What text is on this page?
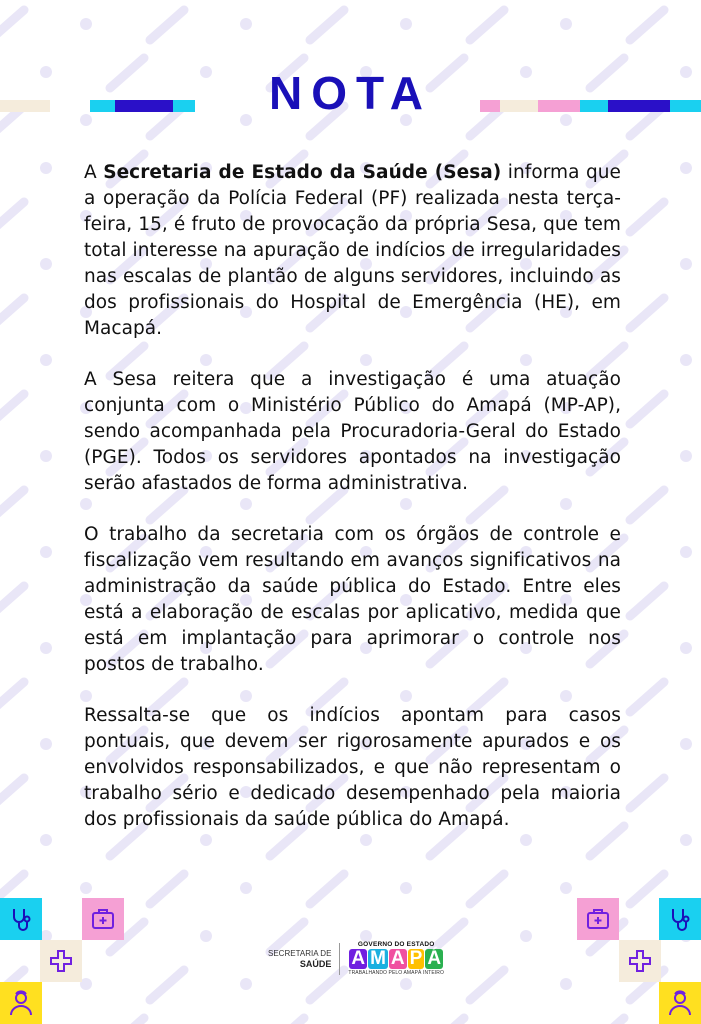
NOTA

A Secretaria de Estado da Saúde (Sesa) informa que a operação da Polícia Federal (PF) realizada nesta terça-feira, 15, é fruto de provocação da própria Sesa, que tem total interesse na apuração de indícios de irregularidades nas escalas de plantão de alguns servidores, incluindo as dos profissionais do Hospital de Emergência (HE), em Macapá.

A Sesa reitera que a investigação é uma atuação conjunta com o Ministério Público do Amapá (MP-AP), sendo acompanhada pela Procuradoria-Geral do Estado (PGE). Todos os servidores apontados na investigação serão afastados de forma administrativa.

O trabalho da secretaria com os órgãos de controle e fiscalização vem resultando em avanços significativos na administração da saúde pública do Estado. Entre eles está a elaboração de escalas por aplicativo, medida que está em implantação para aprimorar o controle nos postos de trabalho.

Ressalta-se que os indícios apontam para casos pontuais, que devem ser rigorosamente apurados e os envolvidos responsabilizados, e que não representam o trabalho sério e dedicado desempenhado pela maioria dos profissionais da saúde pública do Amapá.

SECRETARIA DE
SAÚDE
GOVERNO DO ESTADO
A M A P Á
TRABALHANDO PELO AMAPÁ INTEIRO
